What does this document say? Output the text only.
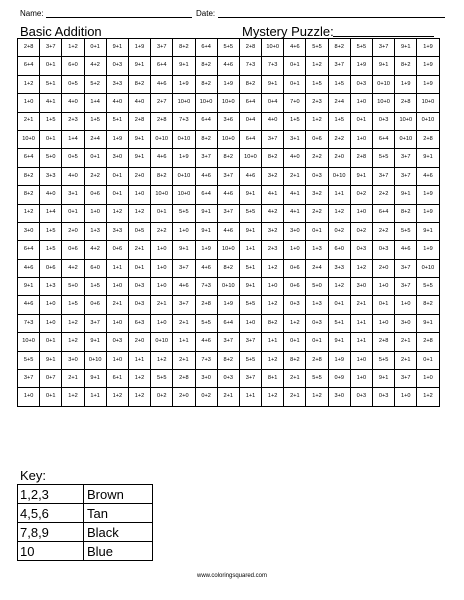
Name:	Date:
Basic Addition	Mystery Puzzle:
2+8	3+7	1+2	0+1	9+1	1+9	3+7	8+2	6+4	5+5	2+8	10+0	4+6	5+5	8+2	5+5	3+7	9+1	1+9
6+4	0+1	6+0	4+2	0+3	9+1	6+4	9+1	8+2	4+6	7+3	7+3	0+1	1+2	3+7	1+9	9+1	8+2	1+9
1+2	5+1	0+5	5+2	3+3	8+2	4+6	1+9	8+2	1+9	8+2	9+1	0+1	1+5	1+5	0+3	0+10	1+9	1+9
1+0	4+1	4+0	1+4	4+0	4+0	2+7	10+0	10+0	10+0	6+4	0+4	7+0	2+3	2+4	1+0	10+0	2+8	10+0
2+1	1+5	2+3	1+5	5+1	2+8	2+8	7+3	6+4	3+6	0+4	4+0	1+5	1+2	1+5	0+1	0+3	10+0	0+10
10+0	0+1	1+4	2+4	1+9	9+1	0+10	0+10	8+2	10+0	6+4	3+7	3+1	0+6	2+2	1+0	6+4	0+10	2+8
6+4	5+0	0+5	0+1	3+0	9+1	4+6	1+9	3+7	8+2	10+0	8+2	4+0	2+2	2+0	2+8	5+5	3+7	9+1
8+2	3+3	4+0	2+2	0+1	2+0	8+2	0+10	4+6	3+7	4+6	3+2	2+1	0+3	0+10	9+1	3+7	3+7	4+6
8+2	4+0	3+1	0+6	0+1	1+0	10+0	10+0	6+4	4+6	9+1	4+1	4+1	3+2	1+1	0+2	2+2	9+1	1+9
1+2	1+4	0+1	1+0	1+2	1+2	0+1	5+5	9+1	3+7	5+5	4+2	4+1	2+2	1+2	1+0	6+4	8+2	1+9
3+0	1+5	2+0	1+3	3+3	0+5	2+2	1+0	9+1	4+6	9+1	3+2	3+0	0+1	0+2	0+2	2+2	5+5	9+1
6+4	1+5	0+6	4+2	0+6	2+1	1+0	9+1	1+9	10+0	1+1	2+3	1+0	1+3	6+0	0+3	0+3	4+6	1+9
4+6	0+6	4+2	6+0	1+1	0+1	1+0	3+7	4+6	8+2	5+1	1+2	0+6	2+4	3+3	1+2	2+0	3+7	0+10
9+1	1+3	5+0	1+5	1+0	0+3	1+0	4+6	7+3	0+10	9+1	1+0	0+6	5+0	1+2	3+0	1+0	3+7	5+5
4+6	1+0	1+5	0+6	2+1	0+3	2+1	3+7	2+8	1+9	5+5	1+2	0+3	1+3	0+1	2+1	0+1	1+0	8+2
7+3	1+0	1+2	3+7	1+0	6+3	1+0	2+1	5+5	6+4	1+0	8+2	1+2	0+3	5+1	1+1	1+0	3+0	9+1
10+0	0+1	1+2	9+1	0+3	2+0	0+10	1+1	4+6	3+7	3+7	1+1	0+1	0+1	9+1	1+1	2+8	2+1	2+8
5+5	9+1	3+0	0+10	1+0	1+1	1+2	2+1	7+3	8+2	5+5	1+2	8+2	2+8	1+9	1+0	5+5	2+1	0+1
3+7	0+7	2+1	9+1	6+1	1+2	5+5	2+8	3+0	0+3	3+7	8+1	2+1	5+5	0+9	1+0	9+1	3+7	1+0
1+0	0+1	1+2	1+1	1+2	1+2	0+2	2+0	0+2	2+1	1+1	1+2	2+1	1+2	3+0	0+3	0+3	1+0	1+2
Key:
1,2,3	Brown
4,5,6	Tan
7,8,9	Black
10	Blue
www.coloringsquared.com
